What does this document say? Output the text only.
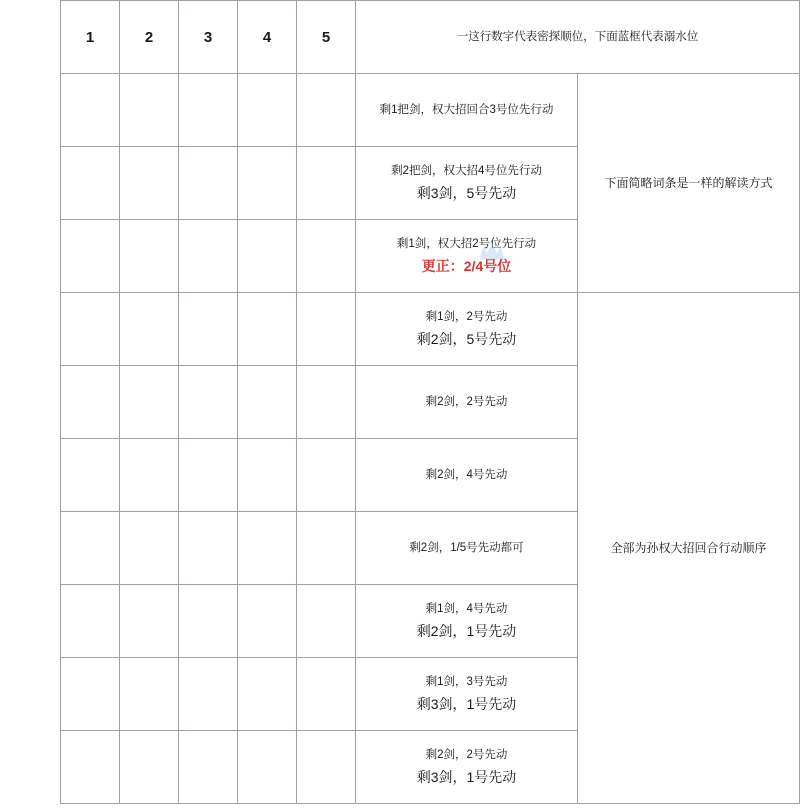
1	2	3	4	5	一这行数字代表密探顺位，下面蓝框代表溺水位	

					剩1把剑，权大招回合3号位先行动	下面简略词条是一样的解读方式

					剩2把剑，权大招4号位先行动
剩3剑，5号先动	

					剩1剑，权大招2号位先行动
更正：2/4号位	

					剩1剑，2号先动
剩2剑，5号先动	全部为孙权大招回合行动顺序

					剩2剑，2号先动	

					剩2剑，4号先动	

					剩2剑，1/5号先动都可	

					剩1剑，4号先动
剩2剑，1号先动	

					剩1剑，3号先动
剩3剑，1号先动	

					剩2剑，2号先动
剩3剑，1号先动	
